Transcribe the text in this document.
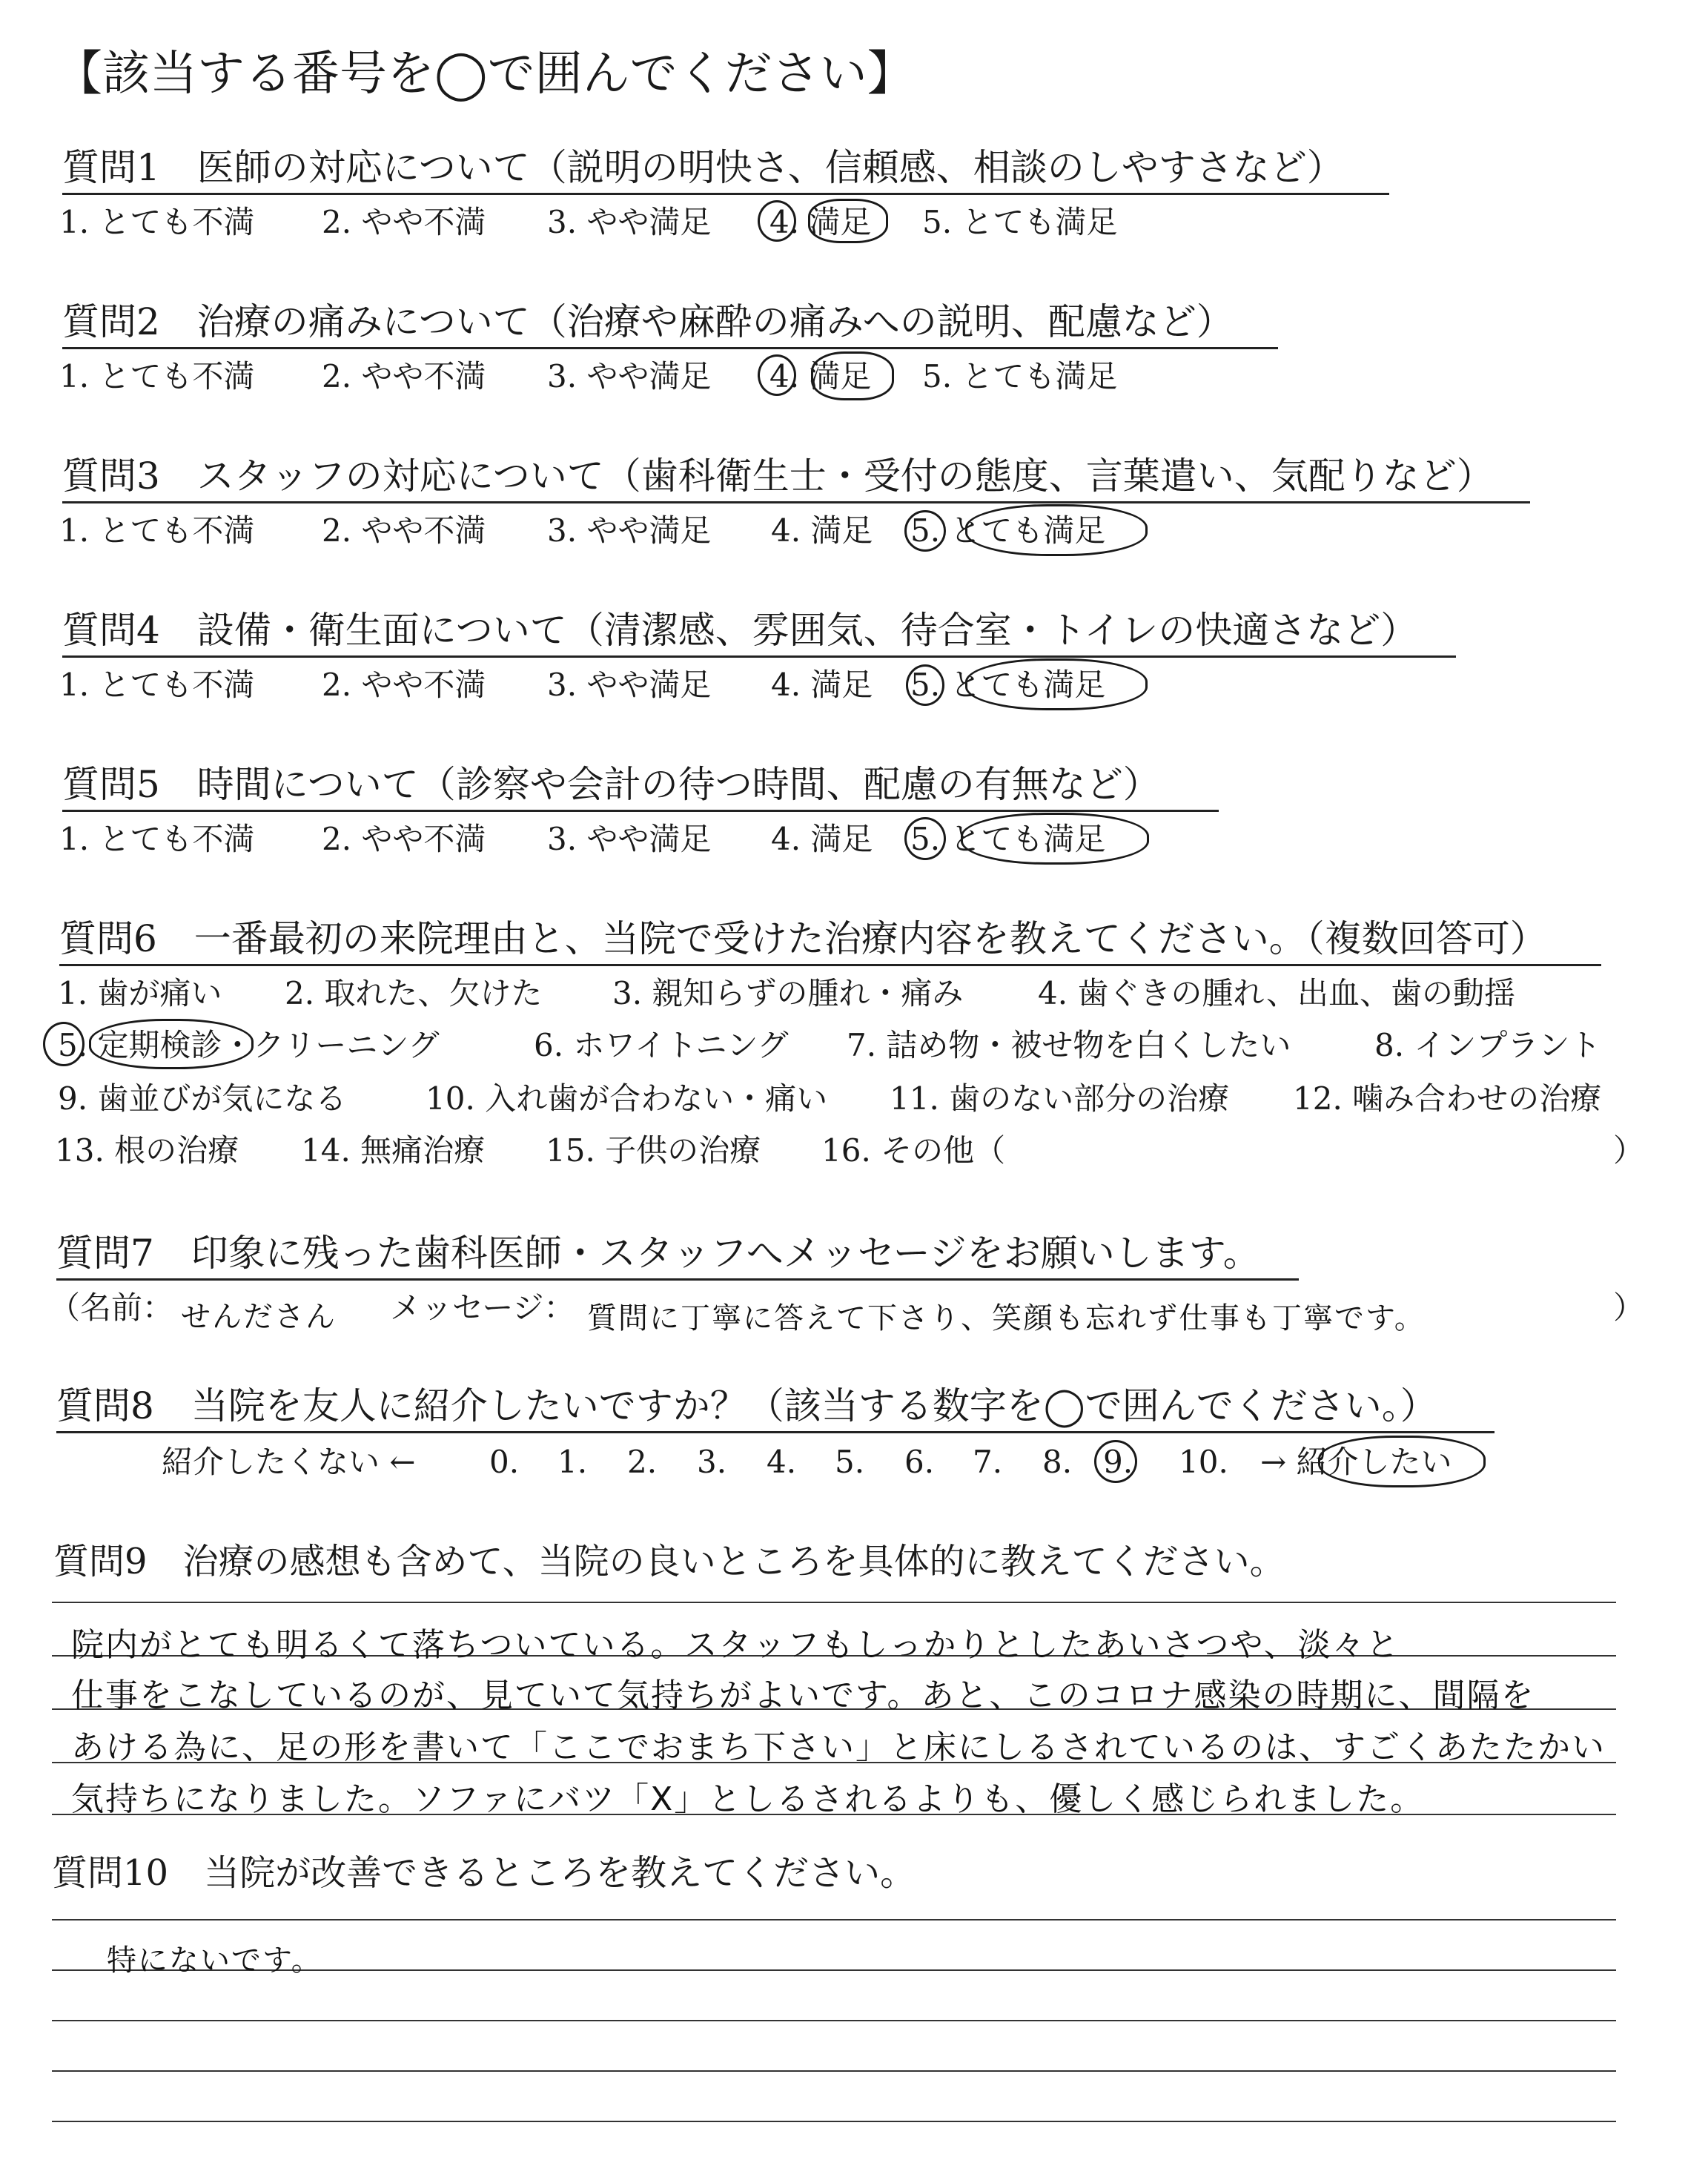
【該当する番号を◯で囲んでください】
質問1　医師の対応について（説明の明快さ、信頼感、相談のしやすさなど）
1. とても不満 2. やや不満 3. やや満足 4. 満足 5. とても満足
質問2　治療の痛みについて（治療や麻酔の痛みへの説明、配慮など）
1. とても不満 2. やや不満 3. やや満足 4. 満足 5. とても満足
質問3　スタッフの対応について（歯科衛生士・受付の態度、言葉遣い、気配りなど）
1. とても不満 2. やや不満 3. やや満足 4. 満足 5. とても満足
質問4　設備・衛生面について（清潔感、雰囲気、待合室・トイレの快適さなど）
1. とても不満 2. やや不満 3. やや満足 4. 満足 5. とても満足
質問5　時間について（診察や会計の待つ時間、配慮の有無など）
1. とても不満 2. やや不満 3. やや満足 4. 満足 5. とても満足
質問6　一番最初の来院理由と、当院で受けた治療内容を教えてください。（複数回答可）
1. 歯が痛い 2. 取れた、欠けた 3. 親知らずの腫れ・痛み 4. 歯ぐきの腫れ、出血、歯の動揺
5. 定期検診・クリーニング	6. ホワイトニング 7. 詰め物・被せ物を白くしたい	8. インプラント
9. 歯並びが気になる	10. 入れ歯が合わない・痛い 11. 歯のない部分の治療 12. 噛み合わせの治療
13. 根の治療 14. 無痛治療 15. 子供の治療 16. その他（	）
質問7　印象に残った歯科医師・スタッフへメッセージをお願いします。
（名前： せんださん メッセージ： 質問に丁寧に答えて下さり、笑顔も忘れず仕事も丁寧です。	）
質問8　当院を友人に紹介したいですか？（該当する数字を◯で囲んでください。）
紹介したくない ← 0. 1. 2. 3. 4. 5. 6. 7. 8. 9. 10. → 紹介したい
質問9　治療の感想も含めて、当院の良いところを具体的に教えてください。
院内がとても明るくて落ちついている。スタッフもしっかりとしたあいさつや、淡々と
仕事をこなしているのが、見ていて気持ちがよいです。あと、このコロナ感染の時期に、間隔を
あける為に、足の形を書いて「ここでおまち下さい」と床にしるされているのは、すごくあたたかい
気持ちになりました。ソファにバツ「X」としるされるよりも、優しく感じられました。
質問10　当院が改善できるところを教えてください。
特にないです。
